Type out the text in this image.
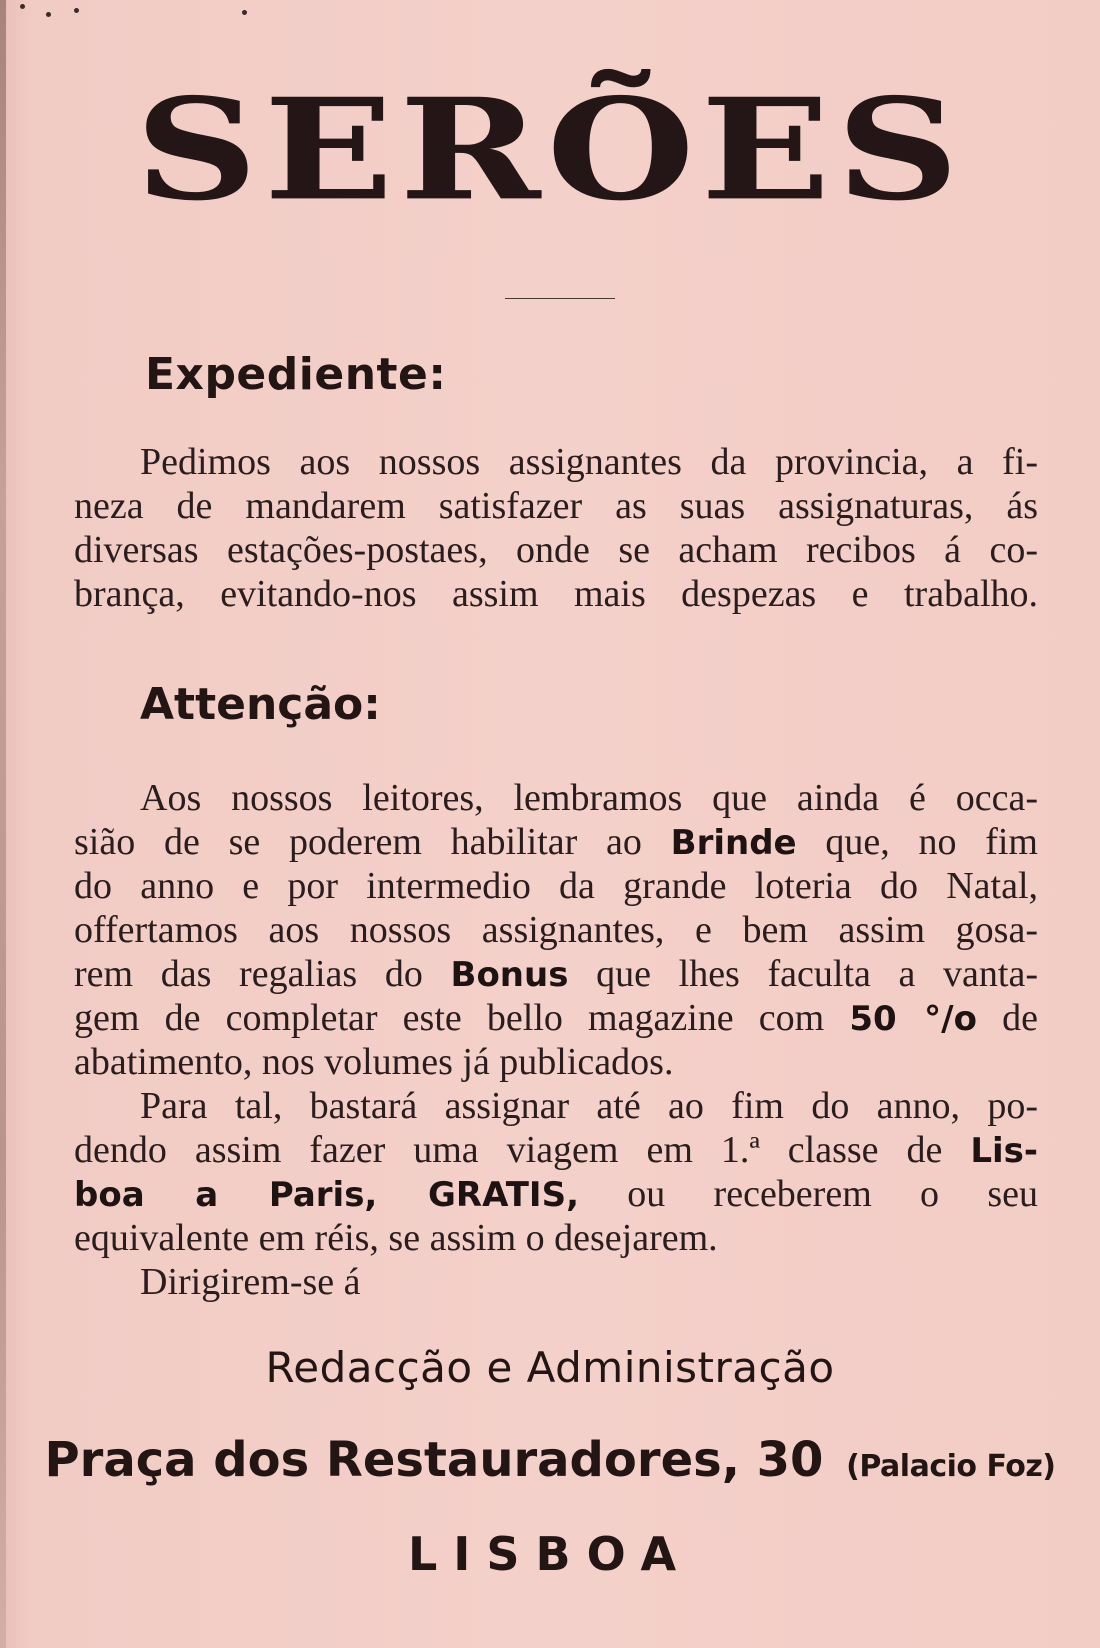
SERÕES
Expediente:
Pedimos aos nossos assignantes da provincia, a fi-
neza de mandarem satisfazer as suas assignaturas, ás
diversas estações-postaes, onde se acham recibos á co-
brança, evitando-nos assim mais despezas e trabalho.
Attenção:
Aos nossos leitores, lembramos que ainda é occa-
sião de se poderem habilitar ao Brinde que, no fim
do anno e por intermedio da grande loteria do Natal,
offertamos aos nossos assignantes, e bem assim gosa-
rem das regalias do Bonus que lhes faculta a vanta-
gem de completar este bello magazine com 50 °/o de
abatimento, nos volumes já publicados.
Para tal, bastará assignar até ao fim do anno, po-
dendo assim fazer uma viagem em 1.ª classe de Lis-
boa a Paris, GRATIS, ou receberem o seu
equivalente em réis, se assim o desejarem.
Dirigirem-se á
Redacção e Administração
Praça dos Restauradores, 30 (Palacio Foz)
LISBOA
